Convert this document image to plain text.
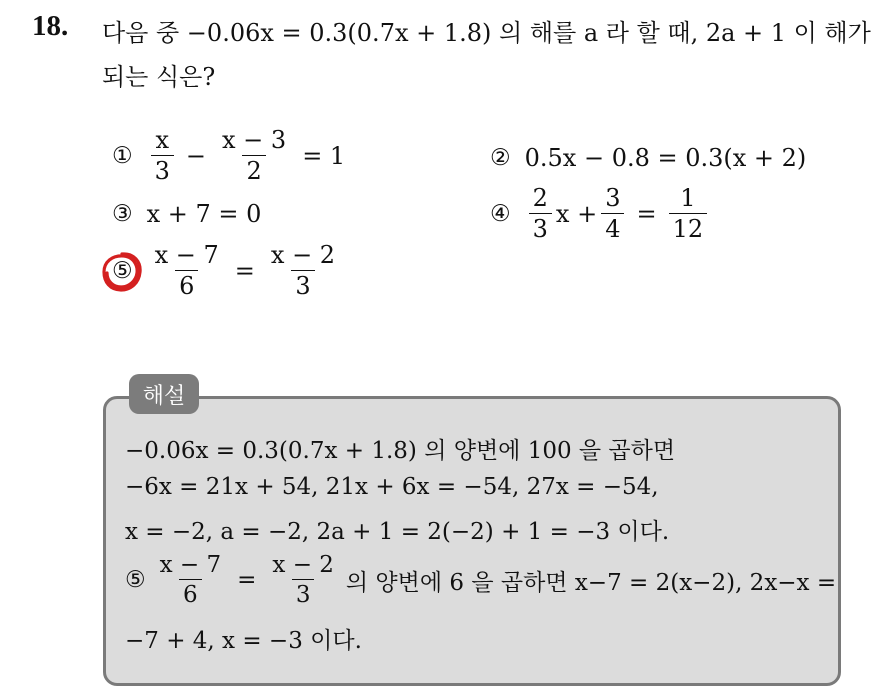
18. 다음 중 −0.06x = 0.3(0.7x + 1.8) 의 해를 a 라 할 때, 2a + 1 이 해가
되는 식은?
① $\frac{x}{3} - \frac{x - 3}{2} = 1$	② 0.5x − 0.8 = 0.3(x + 2)
③ x + 7 = 0	④ $\frac{2}{3}$ $x + \frac{3}{4} = \frac{1}{12}$
⑤ $\frac{x - 7}{6} = \frac{x - 2}{3}$
해설
−0.06x = 0.3(0.7x + 1.8) 의 양변에 100 을 곱하면
−6x = 21x + 54, 21x + 6x = −54, 27x = −54,
x = −2, a = −2, 2a + 1 = 2(−2) + 1 = −3 이다.
⑤ $\frac{x - 7}{6} = \frac{x - 2}{3}$ 의 양변에 6 을 곱하면 x−7 = 2(x−2), 2x−x =
−7 + 4, x = −3 이다.
